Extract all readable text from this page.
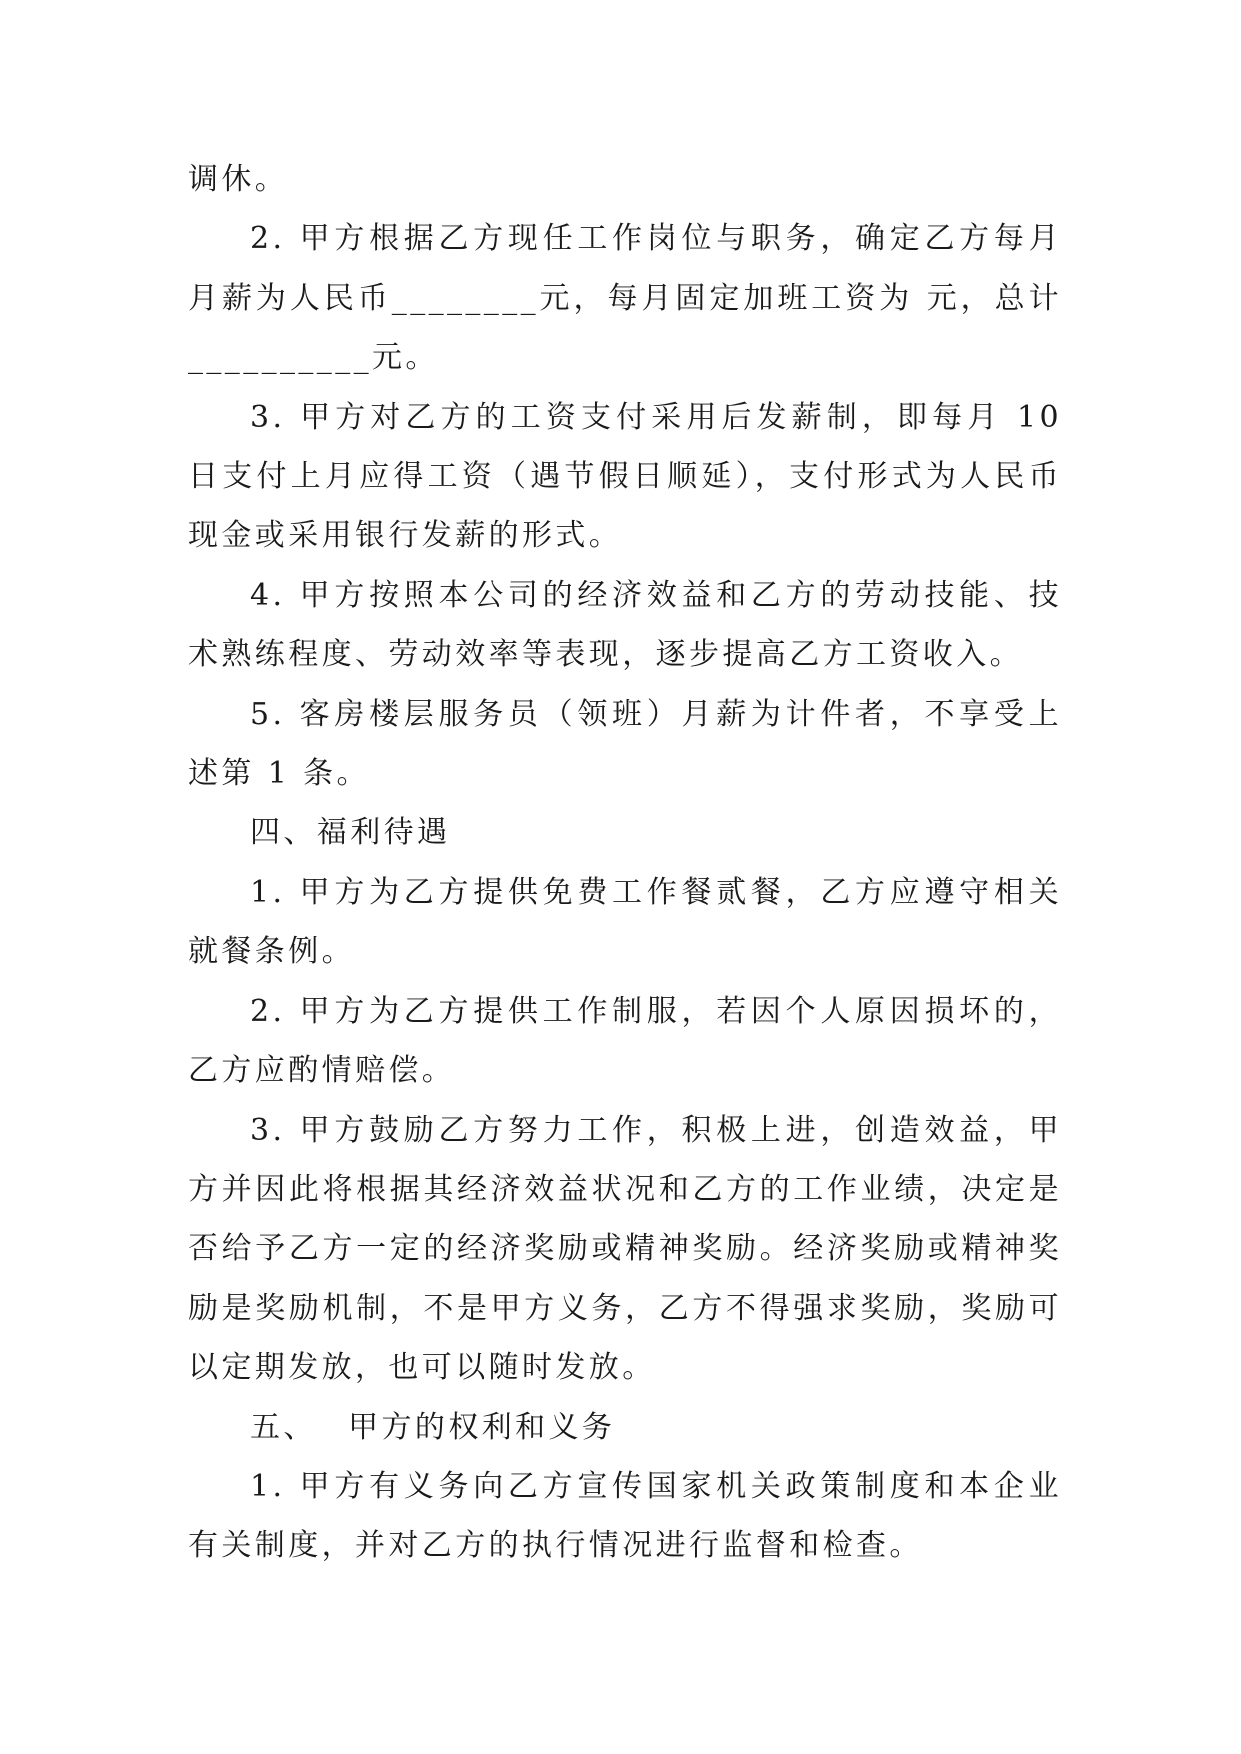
调休。

2. 甲方根据乙方现任工作岗位与职务，确定乙方每月月薪为人民币________元，每月固定加班工资为 元，总计__________元。

3. 甲方对乙方的工资支付采用后发薪制，即每月 10 日支付上月应得工资（遇节假日顺延），支付形式为人民币现金或采用银行发薪的形式。

4. 甲方按照本公司的经济效益和乙方的劳动技能、技术熟练程度、劳动效率等表现，逐步提高乙方工资收入。

5. 客房楼层服务员（领班）月薪为计件者，不享受上述第 1 条。

四、福利待遇

1. 甲方为乙方提供免费工作餐贰餐，乙方应遵守相关就餐条例。

2. 甲方为乙方提供工作制服，若因个人原因损坏的，乙方应酌情赔偿。

3. 甲方鼓励乙方努力工作，积极上进，创造效益，甲方并因此将根据其经济效益状况和乙方的工作业绩，决定是否给予乙方一定的经济奖励或精神奖励。经济奖励或精神奖励是奖励机制，不是甲方义务，乙方不得强求奖励，奖励可以定期发放，也可以随时发放。

五、　 甲方的权利和义务

1. 甲方有义务向乙方宣传国家机关政策制度和本企业有关制度，并对乙方的执行情况进行监督和检查。
